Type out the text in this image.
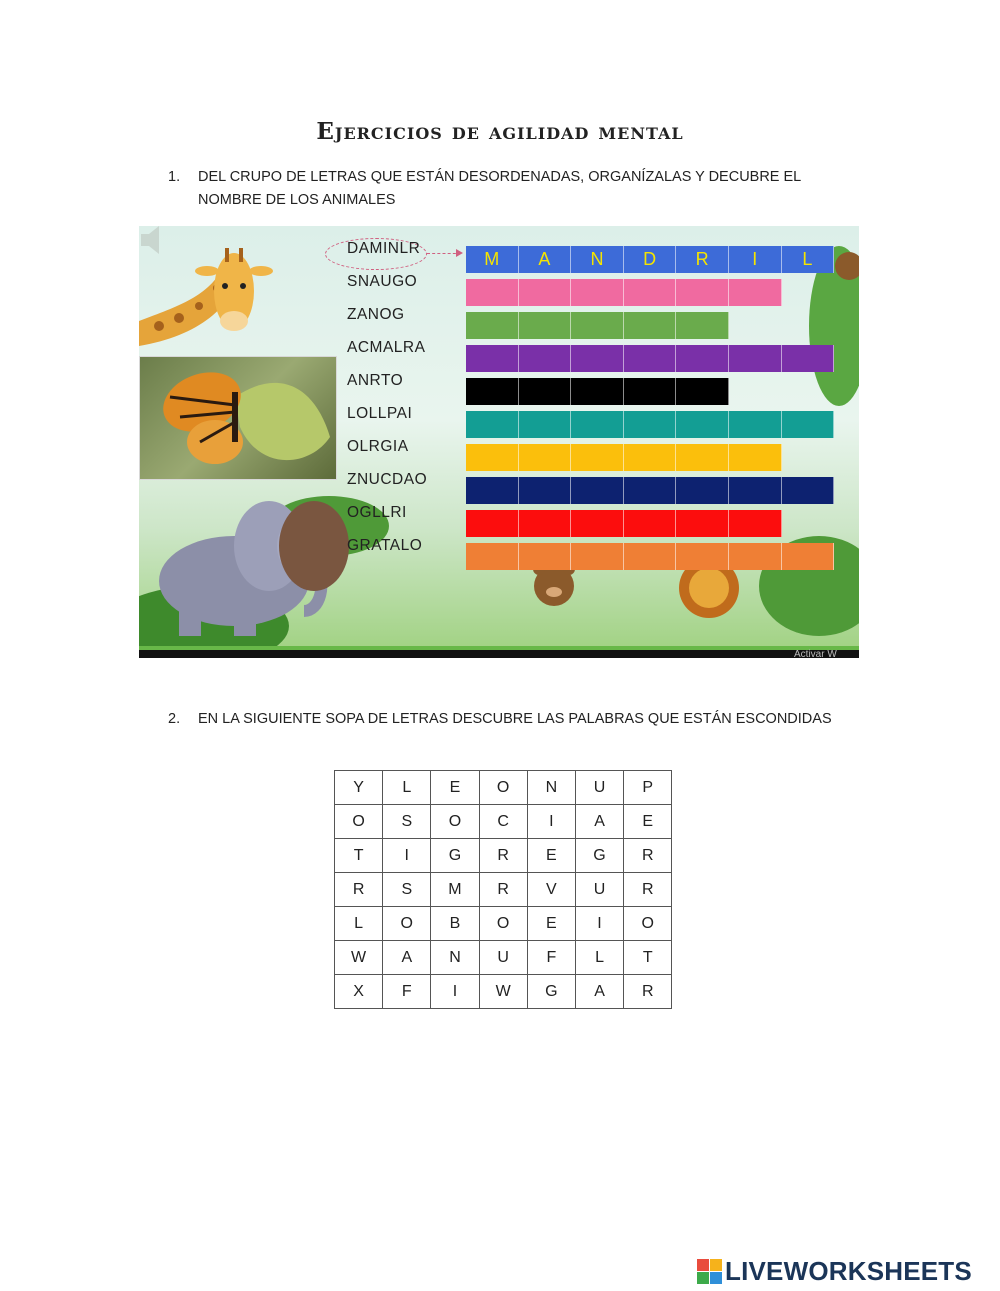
Ejercicios de agilidad mental
1. DEL CRUPO DE LETRAS QUE ESTÁN DESORDENADAS, ORGANÍZALAS Y DECUBRE EL NOMBRE DE LOS ANIMALES
Activar W
DAMINLR
SNAUGO
ZANOG
ACMALRA
ANRTO
LOLLPAI
OLRGIA
ZNUCDAO
OGLLRI
GRATALO
M	A	N	D	R	I	L
2. EN LA SIGUIENTE SOPA DE LETRAS DESCUBRE LAS PALABRAS QUE ESTÁN ESCONDIDAS
Y	L	E	O	N	U	P
O	S	O	C	I	A	E
T	I	G	R	E	G	R
R	S	M	R	V	U	R
L	O	B	O	E	I	O
W	A	N	U	F	L	T
X	F	I	W	G	A	R
LIVEWORKSHEETS
